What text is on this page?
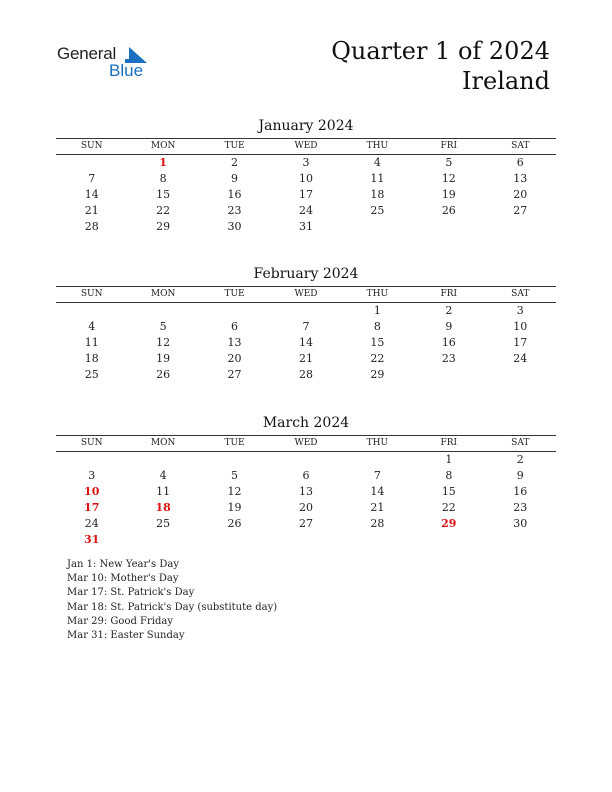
General
Blue
Quarter 1 of 2024
Ireland
January 2024
SUN	MON	TUE	WED	THU	FRI	SAT
	1	2	3	4	5	6
7	8	9	10	11	12	13
14	15	16	17	18	19	20
21	22	23	24	25	26	27
28	29	30	31			
February 2024
SUN	MON	TUE	WED	THU	FRI	SAT
				1	2	3
4	5	6	7	8	9	10
11	12	13	14	15	16	17
18	19	20	21	22	23	24
25	26	27	28	29		
March 2024
SUN	MON	TUE	WED	THU	FRI	SAT
					1	2
3	4	5	6	7	8	9
10	11	12	13	14	15	16
17	18	19	20	21	22	23
24	25	26	27	28	29	30
31						
Jan 1: New Year's Day
Mar 10: Mother's Day
Mar 17: St. Patrick's Day
Mar 18: St. Patrick's Day (substitute day)
Mar 29: Good Friday
Mar 31: Easter Sunday
